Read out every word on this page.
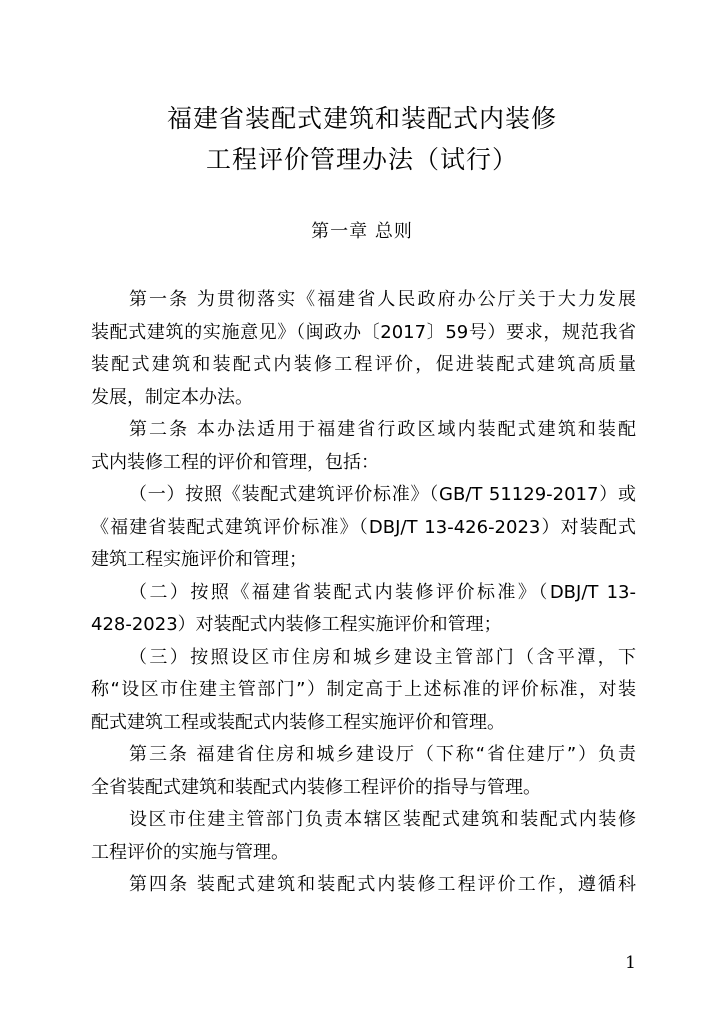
福建省装配式建筑和装配式内装修
工程评价管理办法（试行）
第一章 总则
第一条 为贯彻落实《福建省人民政府办公厅关于大力发展
装配式建筑的实施意见》（闽政办〔2017〕59号）要求，规范我省
装配式建筑和装配式内装修工程评价，促进装配式建筑高质量
发展，制定本办法。
第二条 本办法适用于福建省行政区域内装配式建筑和装配
式内装修工程的评价和管理，包括：
（一）按照《装配式建筑评价标准》（GB/T 51129-2017）或
《福建省装配式建筑评价标准》（DBJ/T 13-426-2023）对装配式
建筑工程实施评价和管理；
（二）按照《福建省装配式内装修评价标准》（DBJ/T 13-
428-2023）对装配式内装修工程实施评价和管理；
（三）按照设区市住房和城乡建设主管部门（含平潭，下
称“设区市住建主管部门”）制定高于上述标准的评价标准，对装
配式建筑工程或装配式内装修工程实施评价和管理。
第三条 福建省住房和城乡建设厅（下称“省住建厅”）负责
全省装配式建筑和装配式内装修工程评价的指导与管理。
设区市住建主管部门负责本辖区装配式建筑和装配式内装修
工程评价的实施与管理。
第四条 装配式建筑和装配式内装修工程评价工作，遵循科
1
